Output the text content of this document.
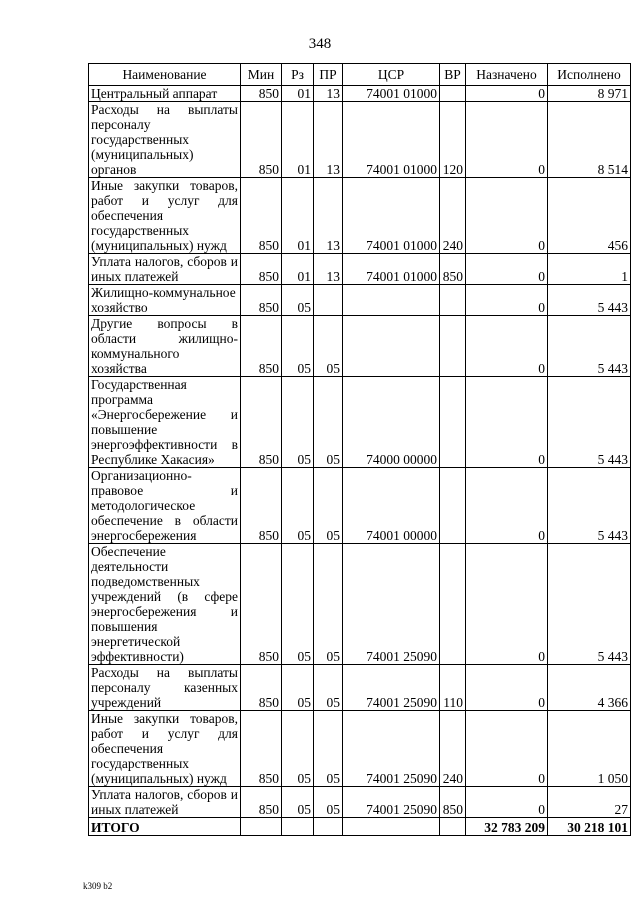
348
Наименование	Мин	Рз	ПР	ЦСР	ВР	Назначено	Исполнено
Центральный аппарат	850	01	13	74001 01000		0	8 971
Расходы на выплаты персоналу государственных (муниципальных) органов	850	01	13	74001 01000	120	0	8 514
Иные закупки товаров, работ и услуг для обеспечения государственных (муниципальных) нужд	850	01	13	74001 01000	240	0	456
Уплата налогов, сборов и иных платежей	850	01	13	74001 01000	850	0	1
Жилищно-коммунальное хозяйство	850	05				0	5 443
Другие вопросы в области жилищно-коммунального хозяйства	850	05	05			0	5 443
Государственная программа «Энергосбережение и повышение энергоэффективности в Республике Хакасия»	850	05	05	74000 00000		0	5 443
Организационно-правовое и методологическое обеспечение в области энергосбережения	850	05	05	74001 00000		0	5 443
Обеспечение деятельности подведомственных учреждений (в сфере энергосбережения и повышения энергетической эффективности)	850	05	05	74001 25090		0	5 443
Расходы на выплаты персоналу казенных учреждений	850	05	05	74001 25090	110	0	4 366
Иные закупки товаров, работ и услуг для обеспечения государственных (муниципальных) нужд	850	05	05	74001 25090	240	0	1 050
Уплата налогов, сборов и иных платежей	850	05	05	74001 25090	850	0	27
ИТОГО						32 783 209	30 218 101
k309 b2
